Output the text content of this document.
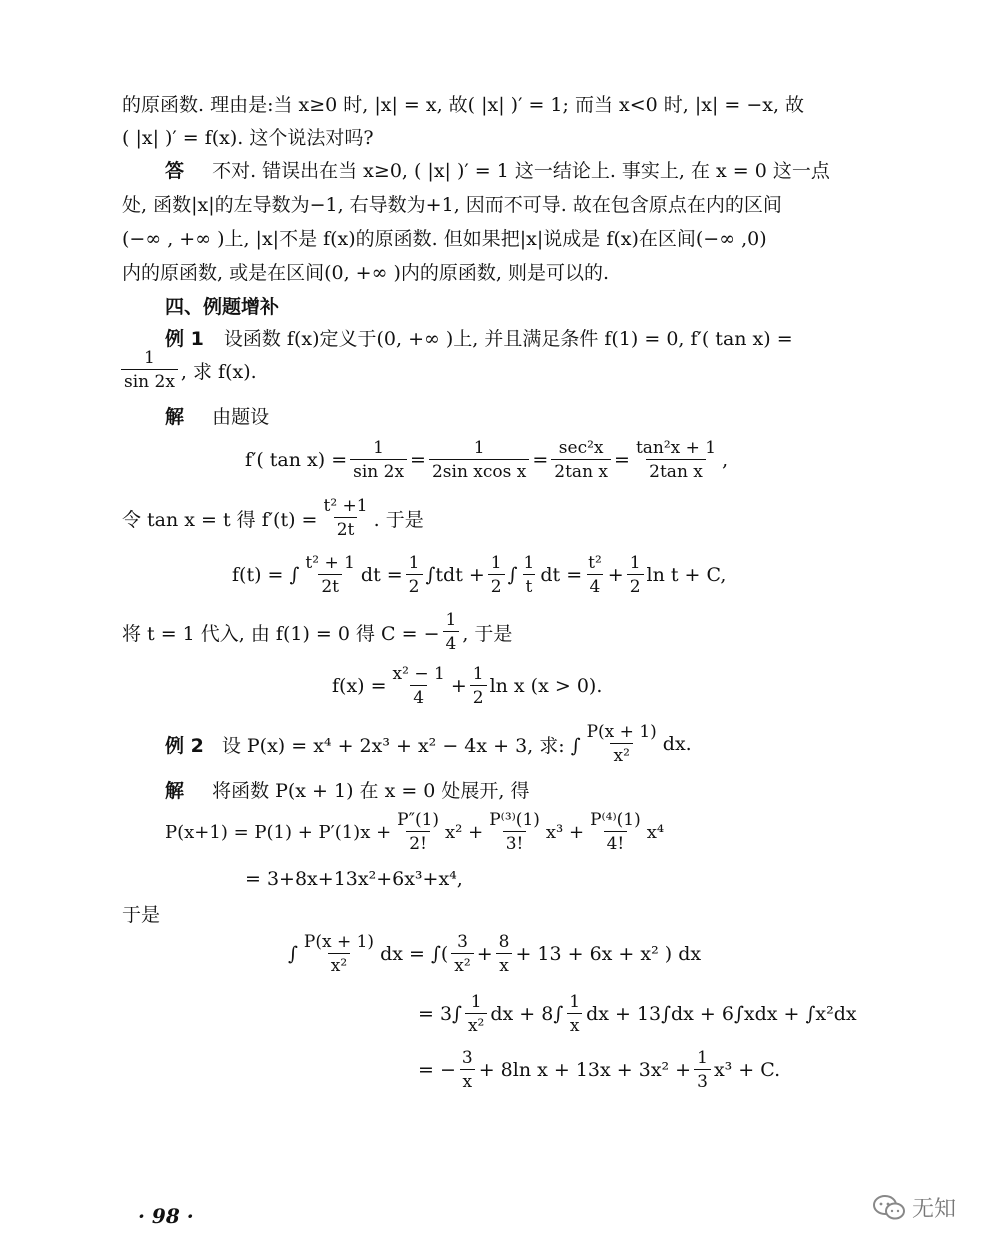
的原函数. 理由是:当 x≥0 时, |x| = x, 故( |x| )′ = 1; 而当 x<0 时, |x| = −x, 故
( |x| )′ = f(x). 这个说法对吗?
答 不对. 错误出在当 x≥0, ( |x| )′ = 1 这一结论上. 事实上, 在 x = 0 这一点
处, 函数|x|的左导数为−1, 右导数为+1, 因而不可导. 故在包含原点在内的区间
(−∞ , +∞ )上, |x|不是 f(x)的原函数. 但如果把|x|说成是 f(x)在区间(−∞ ,0)
内的原函数, 或是在区间(0, +∞ )内的原函数, 则是可以的.
四、例题增补
例 1 设函数 f(x)定义于(0, +∞ )上, 并且满足条件 f(1) = 0, f′( tan x) =
$\frac{1}{\sin 2x}$ , 求 f(x).
解 由题设
f′( $\tan x) = \frac{1}{\sin 2x} = \frac{1}{\text{2sin xcos x}} = \frac{\text{sec²x}}{\text{2tan x}} = \frac{\text{tan²x + 1}}{\text{2tan x}}$ ,
令 tan x = t 得 $f'(t) = \frac{\text{t² +1}}{2t}$ . 于是
f(t) = ∫ $\frac{\text{t² + 1}}{2t}$ dt = $\frac{1}{2} \int tdt + \frac{1}{2}$ ∫ $\frac{1}{t}$ dt = $\frac{\text{t²}}{4} + \frac{1}{2}$ ln t + C,
将 t = 1 代入, 由 f(1) = 0 得 C = − $\frac{1}{4}$ , 于是
$f(x) = \frac{\text{x² − 1}}{4} + \frac{1}{2}$ ln x (x > 0).
例 2 设 P(x) = x⁴ + 2x³ + x² − 4x + 3, 求: ∫ $\frac{P(x + 1)}{\text{x²}}$ dx.
解 将函数 P(x + 1) 在 x = 0 处展开, 得
$P(x+1) = P(1) + P'(1)x + \frac{P''(1)}{2!} x^2 + \frac{\text{P⁽³⁾(1)}}{3!} x^3 + \frac{\text{P⁽⁴⁾(1)}}{4!} x^4$
= 3+8x+13x²+6x³+x⁴,
于是
∫ $\frac{P(x + 1)}{\text{x²}}$ dx = ∫( $\frac{3}{\text{x²}} + \frac{8}{x} + 13 + 6x + x^2$ ) dx
= $3\int \frac{1}{\text{x²}}$ dx + $8\int \frac{1}{x}$ dx + 13∫dx + 6∫xdx + ∫x²dx
= − $\frac{3}{x} + 8\ln$ $x + 13x + 3x^2 + \frac{1}{3} x^3 + C$.
· 98 ·	无知
